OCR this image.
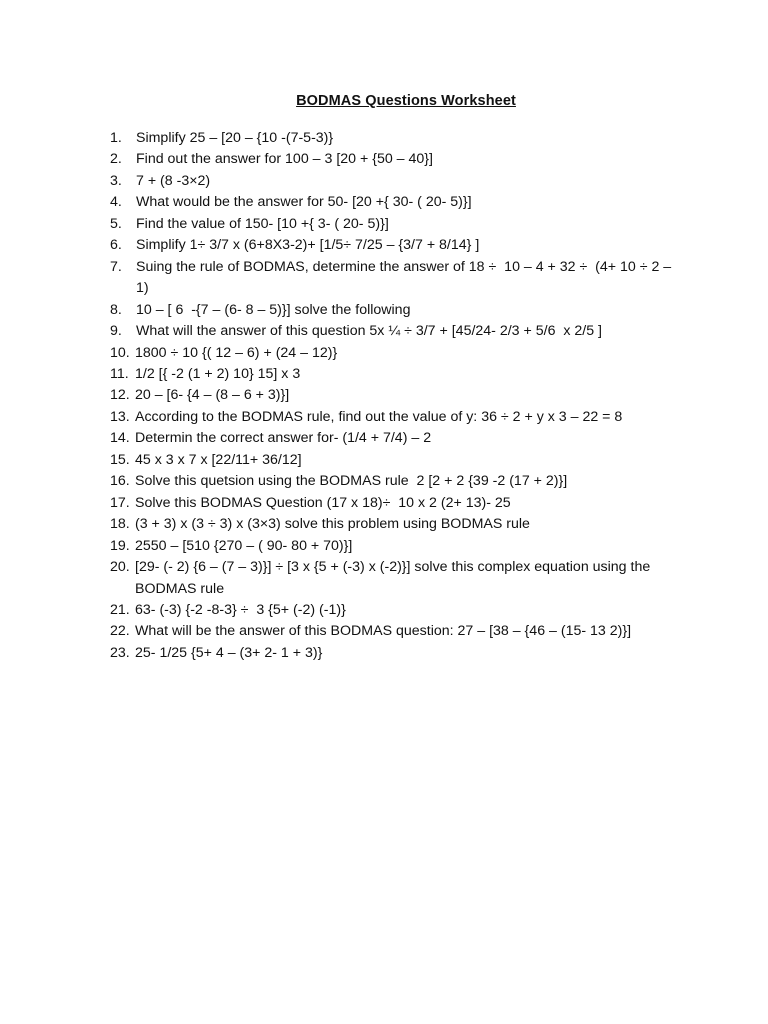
BODMAS Questions Worksheet
1. Simplify 25 – [20 – {10 -(7-5-3)}
2. Find out the answer for 100 – 3 [20 + {50 – 40}]
3. 7 + (8 -3×2)
4. What would be the answer for 50- [20 +{ 30- ( 20- 5)}]
5. Find the value of 150- [10 +{ 3- ( 20- 5)}]
6. Simplify 1÷ 3/7 x (6+8X3-2)+ [1/5÷ 7/25 – {3/7 + 8/14} ]
7. Suing the rule of BODMAS, determine the answer of 18 ÷  10 – 4 + 32 ÷  (4+ 10 ÷ 2 – 1)
8. 10 – [ 6  -{7 – (6- 8 – 5)}] solve the following
9. What will the answer of this question 5x ¼ ÷ 3/7 + [45/24- 2/3 + 5/6  x 2/5 ]
10. 1800 ÷ 10 {( 12 – 6) + (24 – 12)}
11. 1/2 [{ -2 (1 + 2) 10} 15] x 3
12. 20 – [6- {4 – (8 – 6 + 3)}]
13. According to the BODMAS rule, find out the value of y: 36 ÷ 2 + y x 3 – 22 = 8
14. Determin the correct answer for- (1/4 + 7/4) – 2
15. 45 x 3 x 7 x [22/11+ 36/12]
16. Solve this quetsion using the BODMAS rule  2 [2 + 2 {39 -2 (17 + 2)}]
17. Solve this BODMAS Question (17 x 18)÷  10 x 2 (2+ 13)- 25
18. (3 + 3) x (3 ÷ 3) x (3×3) solve this problem using BODMAS rule
19. 2550 – [510 {270 – ( 90- 80 + 70)}]
20. [29- (- 2) {6 – (7 – 3)}] ÷ [3 x {5 + (-3) x (-2)}] solve this complex equation using the BODMAS rule
21. 63- (-3) {-2 -8-3} ÷  3 {5+ (-2) (-1)}
22. What will be the answer of this BODMAS question: 27 – [38 – {46 – (15- 13 2)}]
23. 25- 1/25 {5+ 4 – (3+ 2- 1 + 3)}
